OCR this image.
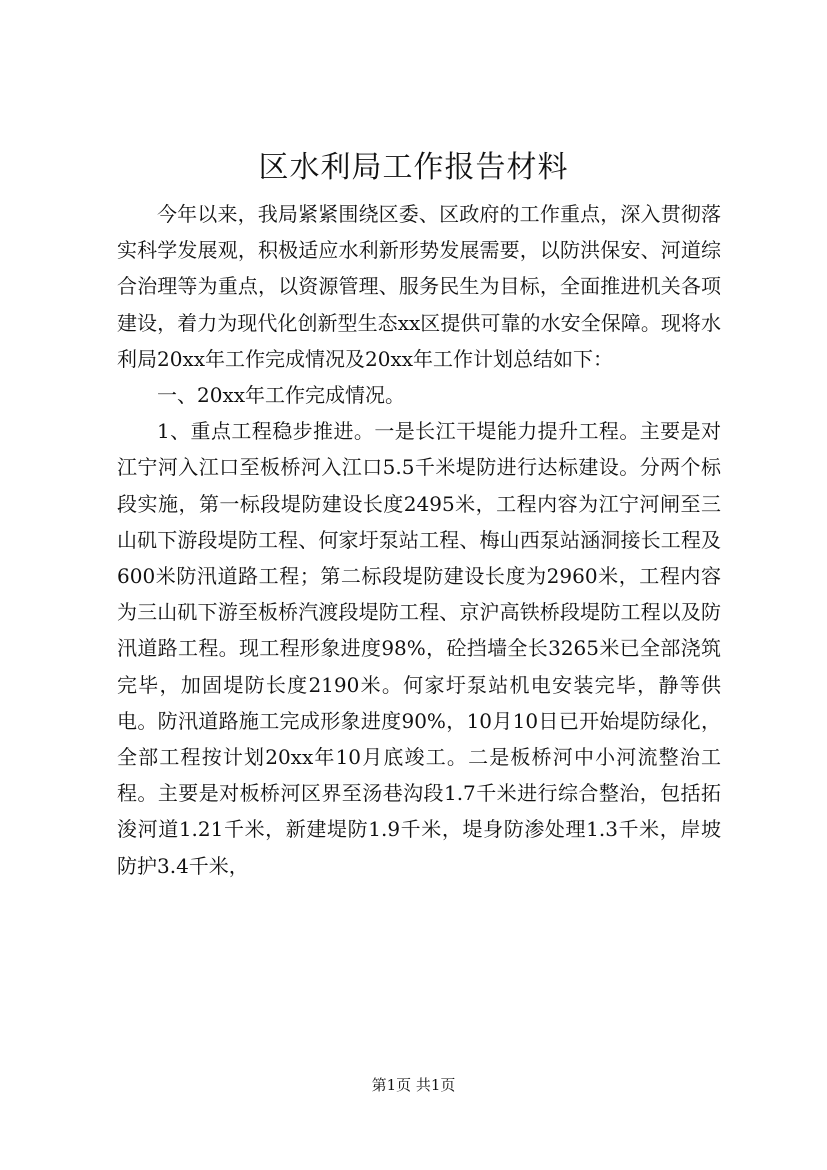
区水利局工作报告材料

今年以来，我局紧紧围绕区委、区政府的工作重点，深入贯彻落实科学发展观，积极适应水利新形势发展需要，以防洪保安、河道综合治理等为重点，以资源管理、服务民生为目标，全面推进机关各项建设，着力为现代化创新型生态xx区提供可靠的水安全保障。现将水利局20xx年工作完成情况及20xx年工作计划总结如下：

一、20xx年工作完成情况。

1、重点工程稳步推进。一是长江干堤能力提升工程。主要是对江宁河入江口至板桥河入江口5.5千米堤防进行达标建设。分两个标段实施，第一标段堤防建设长度2495米，工程内容为江宁河闸至三山矶下游段堤防工程、何家圩泵站工程、梅山西泵站涵洞接长工程及600米防汛道路工程；第二标段堤防建设长度为2960米，工程内容为三山矶下游至板桥汽渡段堤防工程、京沪高铁桥段堤防工程以及防汛道路工程。现工程形象进度98%，砼挡墙全长3265米已全部浇筑完毕，加固堤防长度2190米。何家圩泵站机电安装完毕，静等供电。防汛道路施工完成形象进度90%，10月10日已开始堤防绿化，全部工程按计划20xx年10月底竣工。二是板桥河中小河流整治工程。主要是对板桥河区界至汤巷沟段1.7千米进行综合整治，包括拓浚河道1.21千米，新建堤防1.9千米，堤身防渗处理1.3千米，岸坡防护3.4千米，

第1页 共1页
